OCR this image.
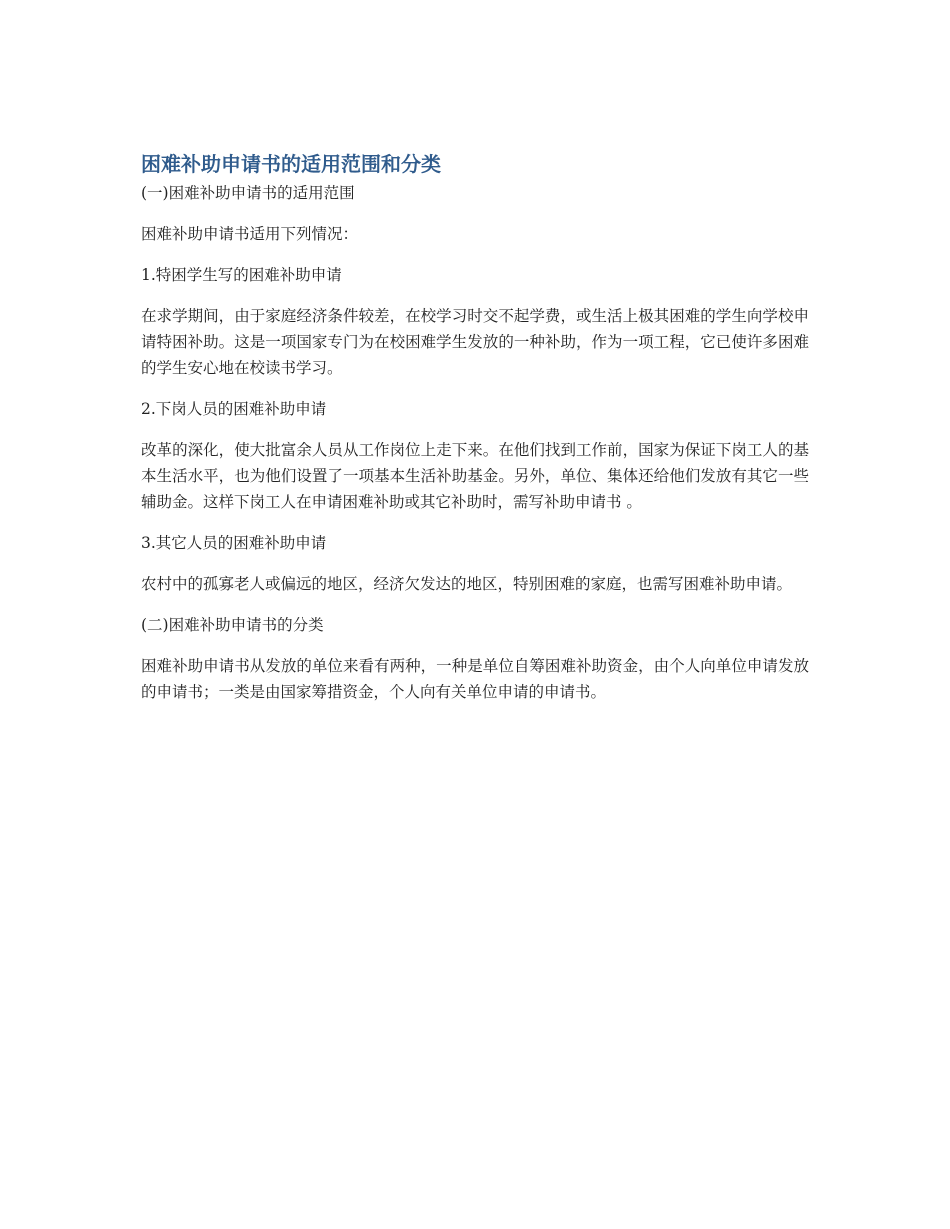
困难补助申请书的适用范围和分类

(一)困难补助申请书的适用范围

困难补助申请书适用下列情况：

1.特困学生写的困难补助申请

在求学期间，由于家庭经济条件较差，在校学习时交不起学费，或生活上极其困难的学生向学校申请特困补助。这是一项国家专门为在校困难学生发放的一种补助，作为一项工程，它已使许多困难的学生安心地在校读书学习。

2.下岗人员的困难补助申请

改革的深化，使大批富余人员从工作岗位上走下来。在他们找到工作前，国家为保证下岗工人的基本生活水平，也为他们设置了一项基本生活补助基金。另外，单位、集体还给他们发放有其它一些辅助金。这样下岗工人在申请困难补助或其它补助时，需写补助申请书 。

3.其它人员的困难补助申请

农村中的孤寡老人或偏远的地区，经济欠发达的地区，特别困难的家庭，也需写困难补助申请。

(二)困难补助申请书的分类

困难补助申请书从发放的单位来看有两种，一种是单位自筹困难补助资金，由个人向单位申请发放的申请书；一类是由国家筹措资金，个人向有关单位申请的申请书。
